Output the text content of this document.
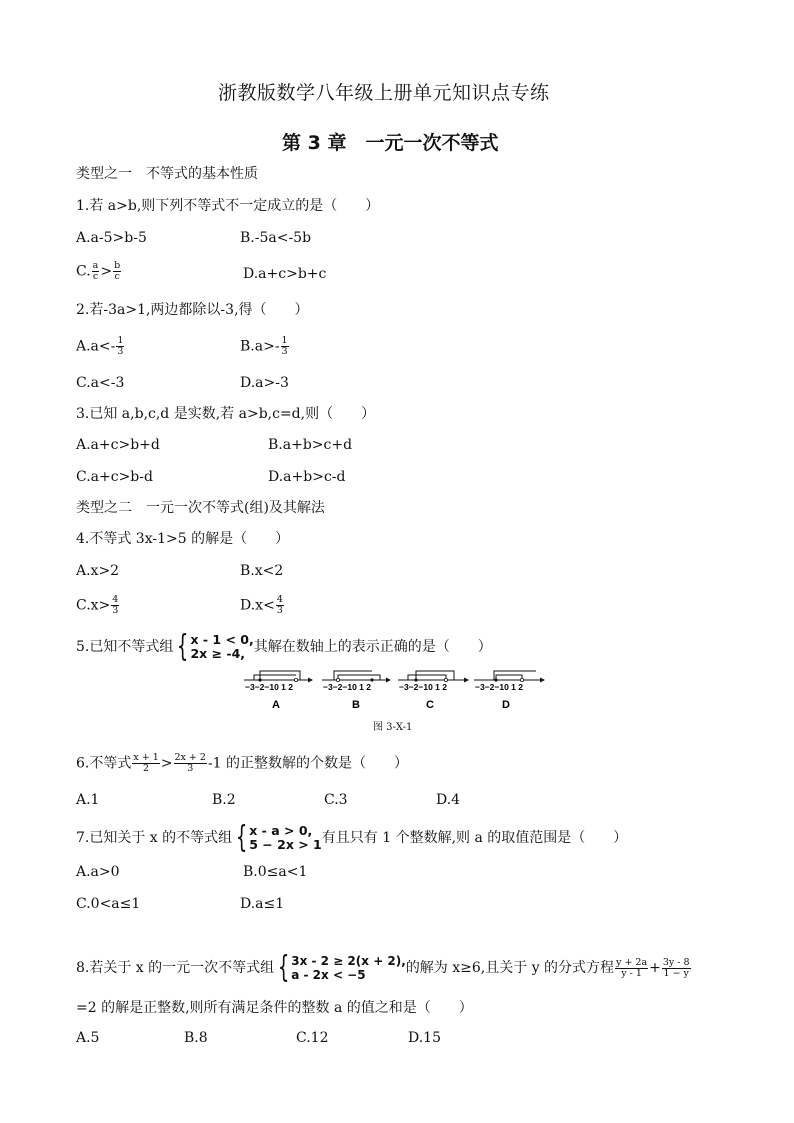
浙教版数学八年级上册单元知识点专练
第 3 章　一元一次不等式
类型之一　不等式的基本性质
1.若 a>b,则下列不等式不一定成立的是（　　）
A.a-5>b-5	B.-5a<-5b
C. $\frac{a}{c} > \frac{b}{c}$	D.a+c>b+c
2.若-3a>1,两边都除以-3,得（　　）
$A.a<- \frac{1}{3}$	$B.a>- \frac{1}{3}$
C.a<-3	D.a>-3
3.已知 a,b,c,d 是实数,若 a>b,c=d,则（　　）
A.a+c>b+d	B.a+b>c+d
C.a+c>b-d	D.a+b>c-d
类型之二　一元一次不等式(组)及其解法
4.不等式 3x-1>5 的解是（　　）
A.x>2	B.x<2
$C.x> \frac{4}{3}$	$D.x< \frac{4}{3}$
5.已知不等式组 { x - 1 < 0,
2x ≥ -4, 其解在数轴上的表示正确的是（　　）
−3−2−10 1 2	−3−2−10 1 2	−3−2−10 1 2	−3−2−10 1 2
A	B	C	D
图 3-X-1
6.不等式 $\frac{x + 1}{2} > \frac{2x + 2}{3} -1$ 的正整数解的个数是（　　）
A.1	B.2	C.3	D.4
7.已知关于 x 的不等式组 { x - a > 0,
5 − 2x > 1 有且只有 1 个整数解,则 a 的取值范围是（　　）
A.a>0	B.0≤a<1
C.0<a≤1	D.a≤1
8.若关于 x 的一元一次不等式组 { 3x - 2 ≥ 2(x + 2),
a - 2x < −5	的解为 x≥6,且关于 y 的分式方程 $\frac{y + 2a}{y - 1} + \frac{3y - 8}{1 - y}$
=2 的解是正整数,则所有满足条件的整数 a 的值之和是（　　）
A.5	B.8	C.12	D.15
